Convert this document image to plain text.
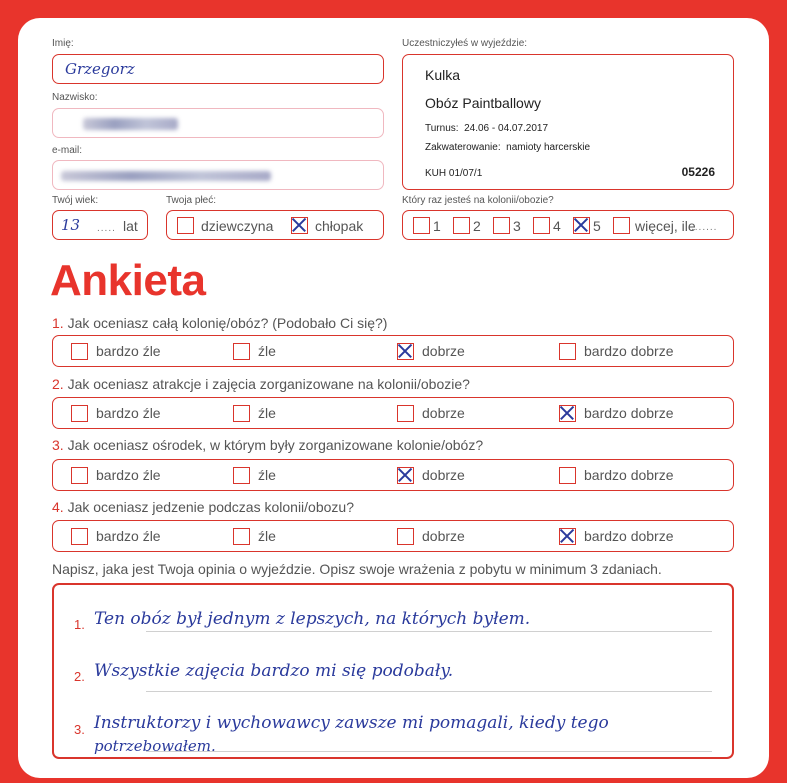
Imię:
Grzegorz
Nazwisko:
e-mail:
Twój wiek:
13 ..... lat
Twoja płeć:
dziewczyna	chłopak
Uczestniczyłeś w wyjeździe:
Kulka
Obóz Paintballowy
Turnus: 24.06 - 04.07.2017
Zakwaterowanie: namioty harcerskie
KUH 01/07/1	05226
Który raz jesteś na kolonii/obozie?
1 2 3 4 5 więcej, ile
.......
Ankieta
1. Jak oceniasz całą kolonię/obóz? (Podobało Ci się?)
bardzo źle	źle	dobrze	bardzo dobrze
2. Jak oceniasz atrakcje i zajęcia zorganizowane na kolonii/obozie?
bardzo źle	źle	dobrze	bardzo dobrze
3. Jak oceniasz ośrodek, w którym były zorganizowane kolonie/obóz?
bardzo źle	źle	dobrze	bardzo dobrze
4. Jak oceniasz jedzenie podczas kolonii/obozu?
bardzo źle	źle	dobrze	bardzo dobrze
Napisz, jaka jest Twoja opinia o wyjeździe. Opisz swoje wrażenia z pobytu w minimum 3 zdaniach.
1. Ten obóz był jednym z lepszych, na których byłem.
2. Wszystkie zajęcia bardzo mi się podobały.
3. Instruktorzy i wychowawcy zawsze mi pomagali, kiedy tego
potrzebowałem.
